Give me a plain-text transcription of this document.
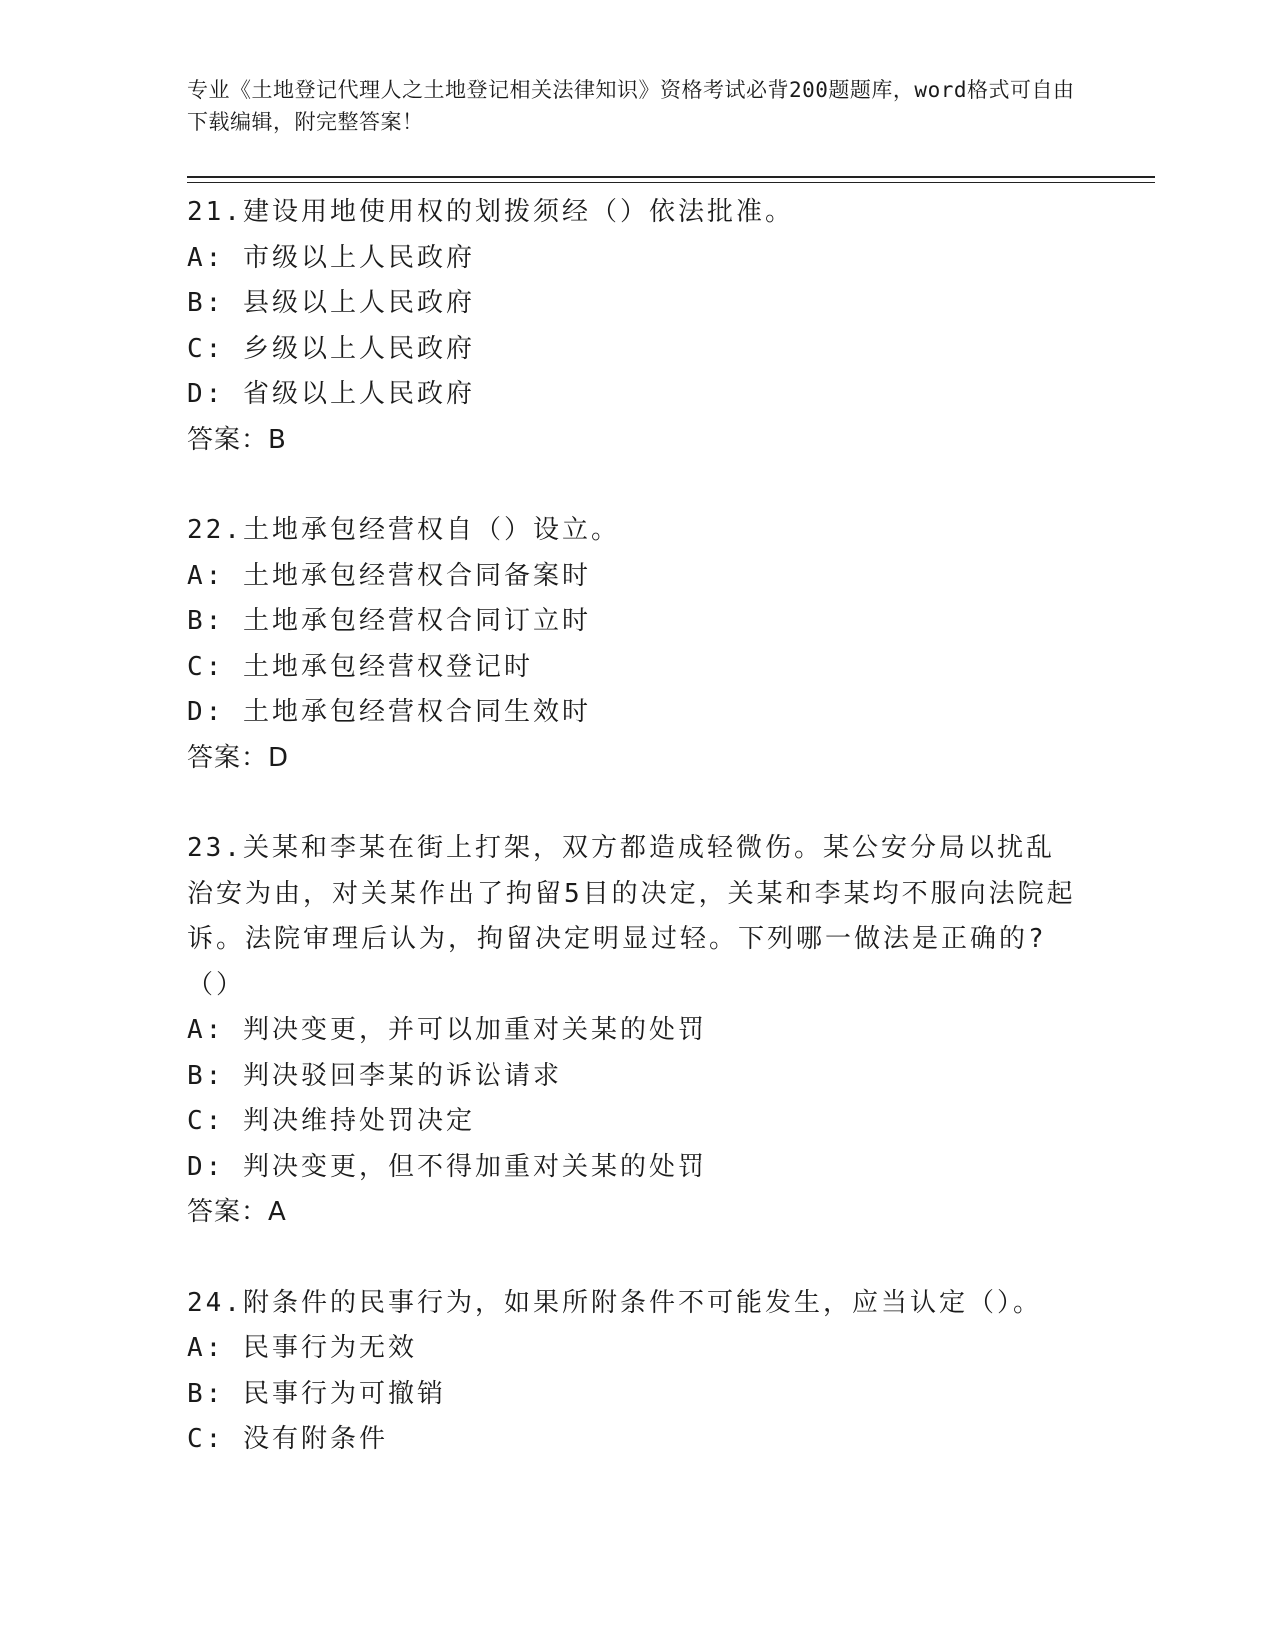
专业《土地登记代理人之土地登记相关法律知识》资格考试必背200题题库，word格式可自由下载编辑，附完整答案！
21.建设用地使用权的划拨须经（）依法批准。
A: 市级以上人民政府
B: 县级以上人民政府
C: 乡级以上人民政府
D: 省级以上人民政府
答案：B
22.土地承包经营权自（）设立。
A: 土地承包经营权合同备案时
B: 土地承包经营权合同订立时
C: 土地承包经营权登记时
D: 土地承包经营权合同生效时
答案：D
23.关某和李某在街上打架，双方都造成轻微伤。某公安分局以扰乱治安为由，对关某作出了拘留5目的决定，关某和李某均不服向法院起诉。法院审理后认为，拘留决定明显过轻。下列哪一做法是正确的?（）
A: 判决变更，并可以加重对关某的处罚
B: 判决驳回李某的诉讼请求
C: 判决维持处罚决定
D: 判决变更，但不得加重对关某的处罚
答案：A
24.附条件的民事行为，如果所附条件不可能发生，应当认定（）。
A: 民事行为无效
B: 民事行为可撤销
C: 没有附条件
